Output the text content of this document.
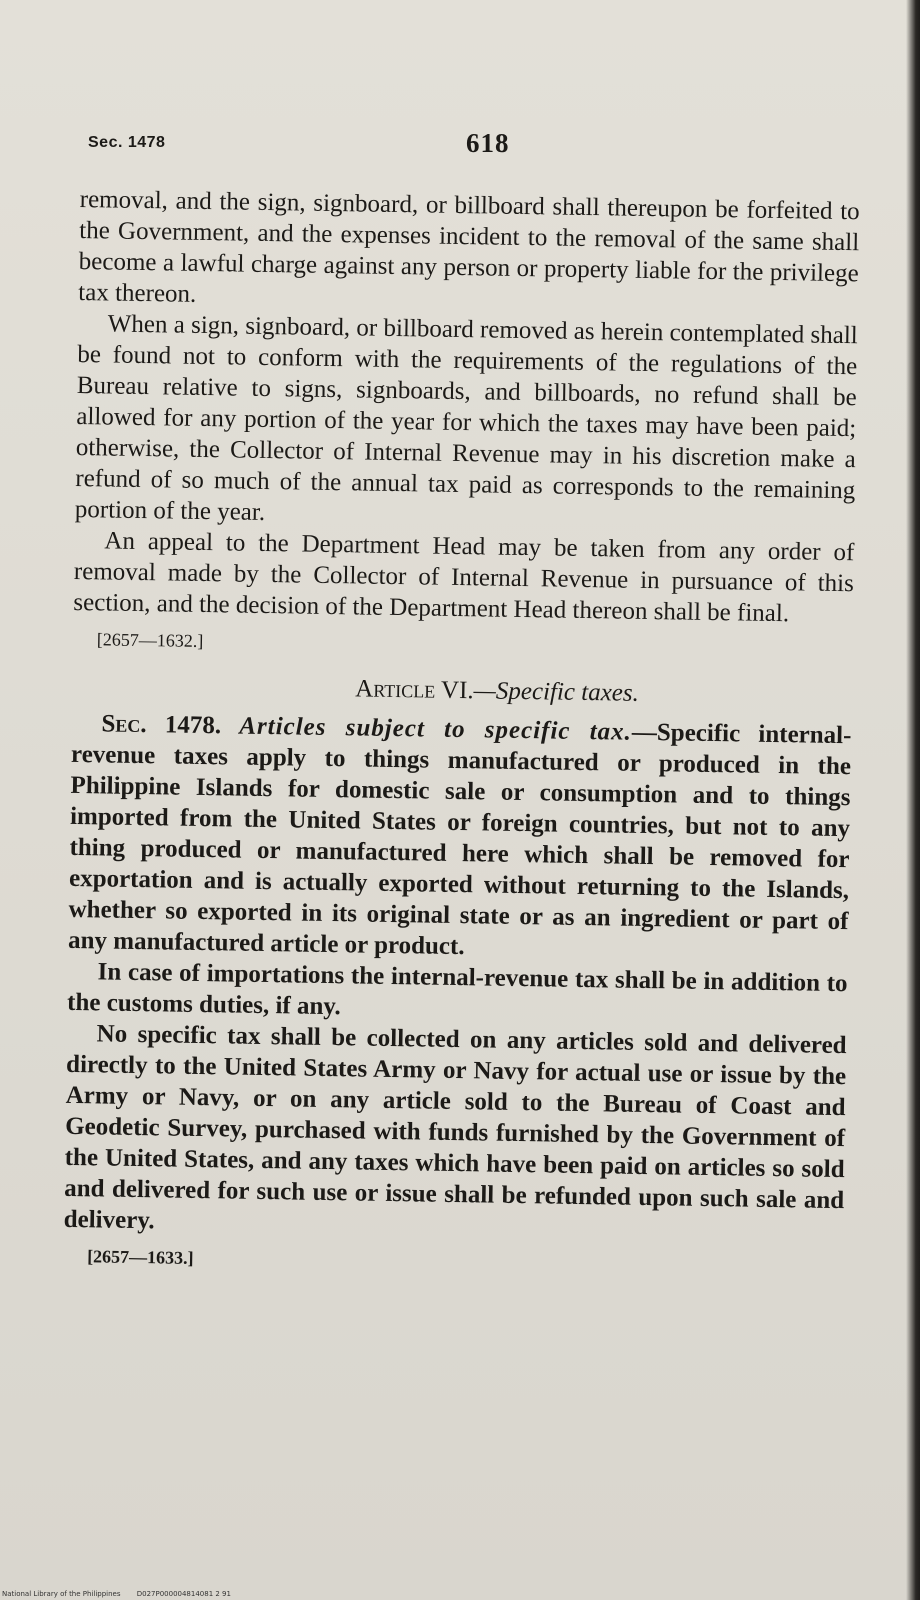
Sec. 1478	618

removal, and the sign, signboard, or billboard shall thereupon be forfeited to the Government, and the expenses incident to the removal of the same shall become a lawful charge against any person or property liable for the privilege tax thereon.

When a sign, signboard, or billboard removed as herein contemplated shall be found not to conform with the requirements of the regulations of the Bureau relative to signs, signboards, and billboards, no refund shall be allowed for any portion of the year for which the taxes may have been paid; otherwise, the Collector of Internal Revenue may in his discretion make a refund of so much of the annual tax paid as corresponds to the remaining portion of the year.

An appeal to the Department Head may be taken from any order of removal made by the Collector of Internal Revenue in pursuance of this section, and the decision of the Department Head thereon shall be final.

[2657—1632.]
Article VI.—Specific taxes.

Sec. 1478. Articles subject to specific tax.—Specific internal-revenue taxes apply to things manufactured or produced in the Philippine Islands for domestic sale or consumption and to things imported from the United States or foreign countries, but not to any thing produced or manufactured here which shall be removed for exportation and is actually exported without returning to the Islands, whether so exported in its original state or as an ingredient or part of any manufactured article or product.

In case of importations the internal-revenue tax shall be in addition to the customs duties, if any.

No specific tax shall be collected on any articles sold and delivered directly to the United States Army or Navy for actual use or issue by the Army or Navy, or on any article sold to the Bureau of Coast and Geodetic Survey, purchased with funds furnished by the Government of the United States, and any taxes which have been paid on articles so sold and delivered for such use or issue shall be refunded upon such sale and delivery.

[2657—1633.]
National Library of the Philippines D027P000004814081 2 91
